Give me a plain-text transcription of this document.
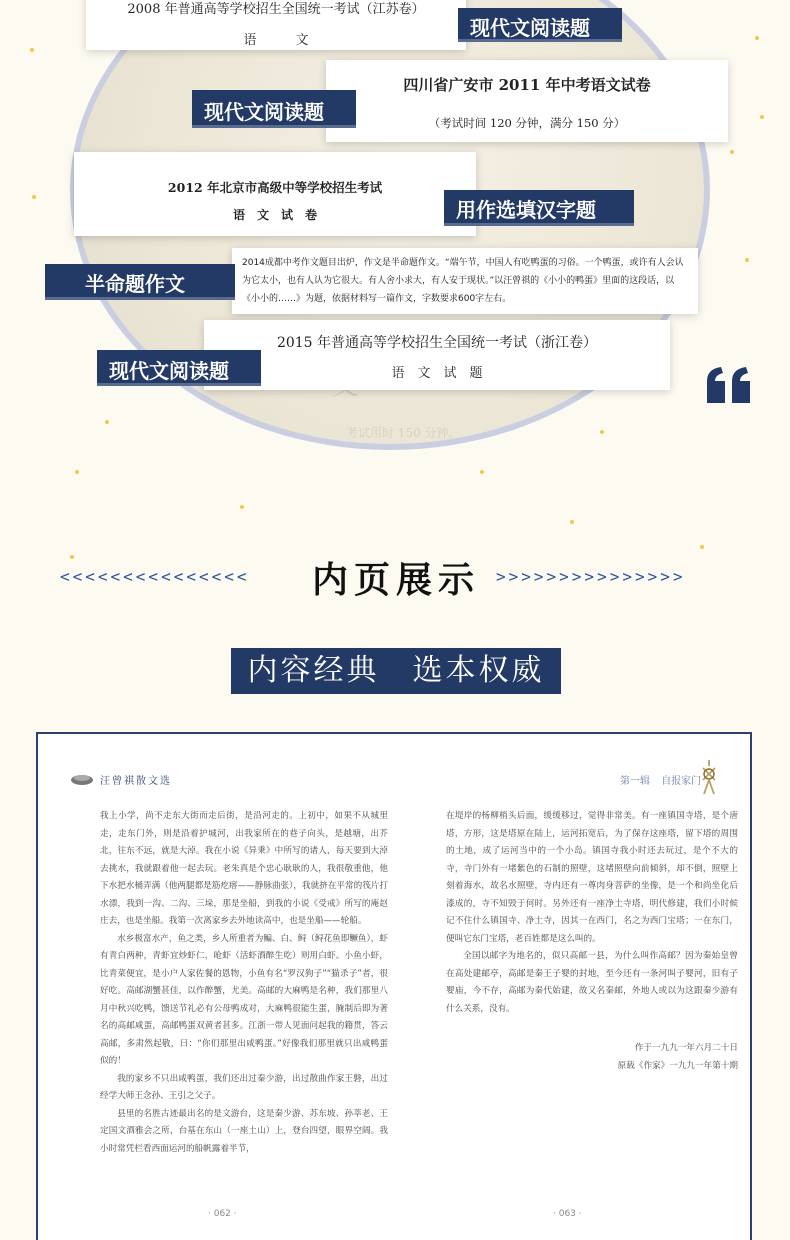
考试用时 150 分钟。
2008 年普通高等学校招生全国统一考试（江苏卷）
语　　　文
现代文阅读题
四川省广安市 2011 年中考语文试卷
（考试时间 120 分钟，满分 150 分）
现代文阅读题
2012 年北京市高级中等学校招生考试
语　文　试　卷	用作选填汉字题
2014成都中考作文题目出炉，作文是半命题作文。“端午节，中国人有吃鸭蛋的习俗。一个鸭蛋，或许有人会认为它太小，也有人认为它很大。有人舍小求大，有人安于现状。”以汪曾祺的《小小的鸭蛋》里面的这段话，以《小小的……》为题，依据材料写一篇作文，字数要求600字左右。
半命题作文
2015 年普通高等学校招生全国统一考试（浙江卷）
语　文　试　题
现代文阅读题
<<<<<<<<<<<<<<< 内页展示 >>>>>>>>>>>>>>>
内容经典　选本权威
汪曾祺散文选

我上小学，尚不走东大街而走后街，是沿河走的。上初中，如果不从城里走，走东门外，则是沿着护城河，出我家所在的巷子向头，是越塘，出芥北，往东不远，就是大淖。我在小说《异秉》中所写的诸人，每天要到大淖去挑水，我就跟着他一起去玩。老朱真是个忠心耿耿的人，我很敬重他，他下水把水桶弄满（他两腿都是筋疙瘩——静脉曲张），我就挤在平常的筏片打水漂，我到一沟、二沟、三垛，那是坐船，到我的小说《受戒》所写的庵赵庄去，也是坐船。我第一次离家乡去外地读高中，也是坐船——轮船。

水乡极富水产，鱼之类，乡人所重者为鳊、白、鲟（鲟花鱼即鳜鱼），虾有青白两种，青虾宜炒虾仁，呛虾（活虾酒醉生吃）则用白虾。小鱼小虾，比青菜便宜，是小户人家佐餐的恩物，小鱼有名“罗汉狗子”“猫杀子”者，很好吃。高邮湖蟹甚佳，以作醉蟹，尤美。高邮的大麻鸭是名种，我们那里八月中秋兴吃鸭，馈送节礼必有公母鸭成对，大麻鸭很能生蛋，腌制后即为著名的高邮咸蛋，高邮鸭蛋双黄者甚多。江浙一带人见面问起我的籍贯，答云高邮，多肃然起敬，曰：“你们那里出咸鸭蛋。”好像我们那里就只出咸鸭蛋似的！

我的家乡不只出咸鸭蛋，我们还出过秦少游，出过散曲作家王磐，出过经学大师王念孙、王引之父子。

县里的名胜古迹最出名的是文游台，这是秦少游、苏东坡、孙莘老、王定国文酒雅会之所，台基在东山（一座土山）上，登台四望，眼界空阔。我小时常凭栏看西面运河的船帆露着半节，

· 062 ·
第一辑 自报家门

在堤岸的杨柳梢头后面，缓缓移过，觉得非常美。有一座镇国寺塔，是个唐塔，方形，这是塔原在陆上，运河拓宽后，为了保存这座塔，留下塔的周围的土地，成了运河当中的一个小岛。镇国寺我小时还去玩过，是个不大的寺，寺门外有一堵紫色的石制的照壁，这堵照壁向前倾斜，却不倒，照壁上刻着海水，故名水照壁，寺内还有一尊肉身菩萨的坐像，是一个和尚坐化后漆成的，寺不知毁于何时。另外还有一座净土寺塔，明代修建，我们小时候记不住什么镇国寺、净土寺，因其一在西门，名之为西门宝塔；一在东门，便叫它东门宝塔，老百姓都是这么叫的。

全国以邮字为地名的，似只高邮一县，为什么叫作高邮？因为秦始皇曾在高处建邮亭，高邮是秦王子婴的封地，至今还有一条河叫子婴河，旧有子婴庙，今不存，高邮为秦代始建，故又名秦邮，外地人或以为这跟秦少游有什么关系，没有。

作于一九九一年六月二十日

原载《作家》一九九一年第十期

· 063 ·
